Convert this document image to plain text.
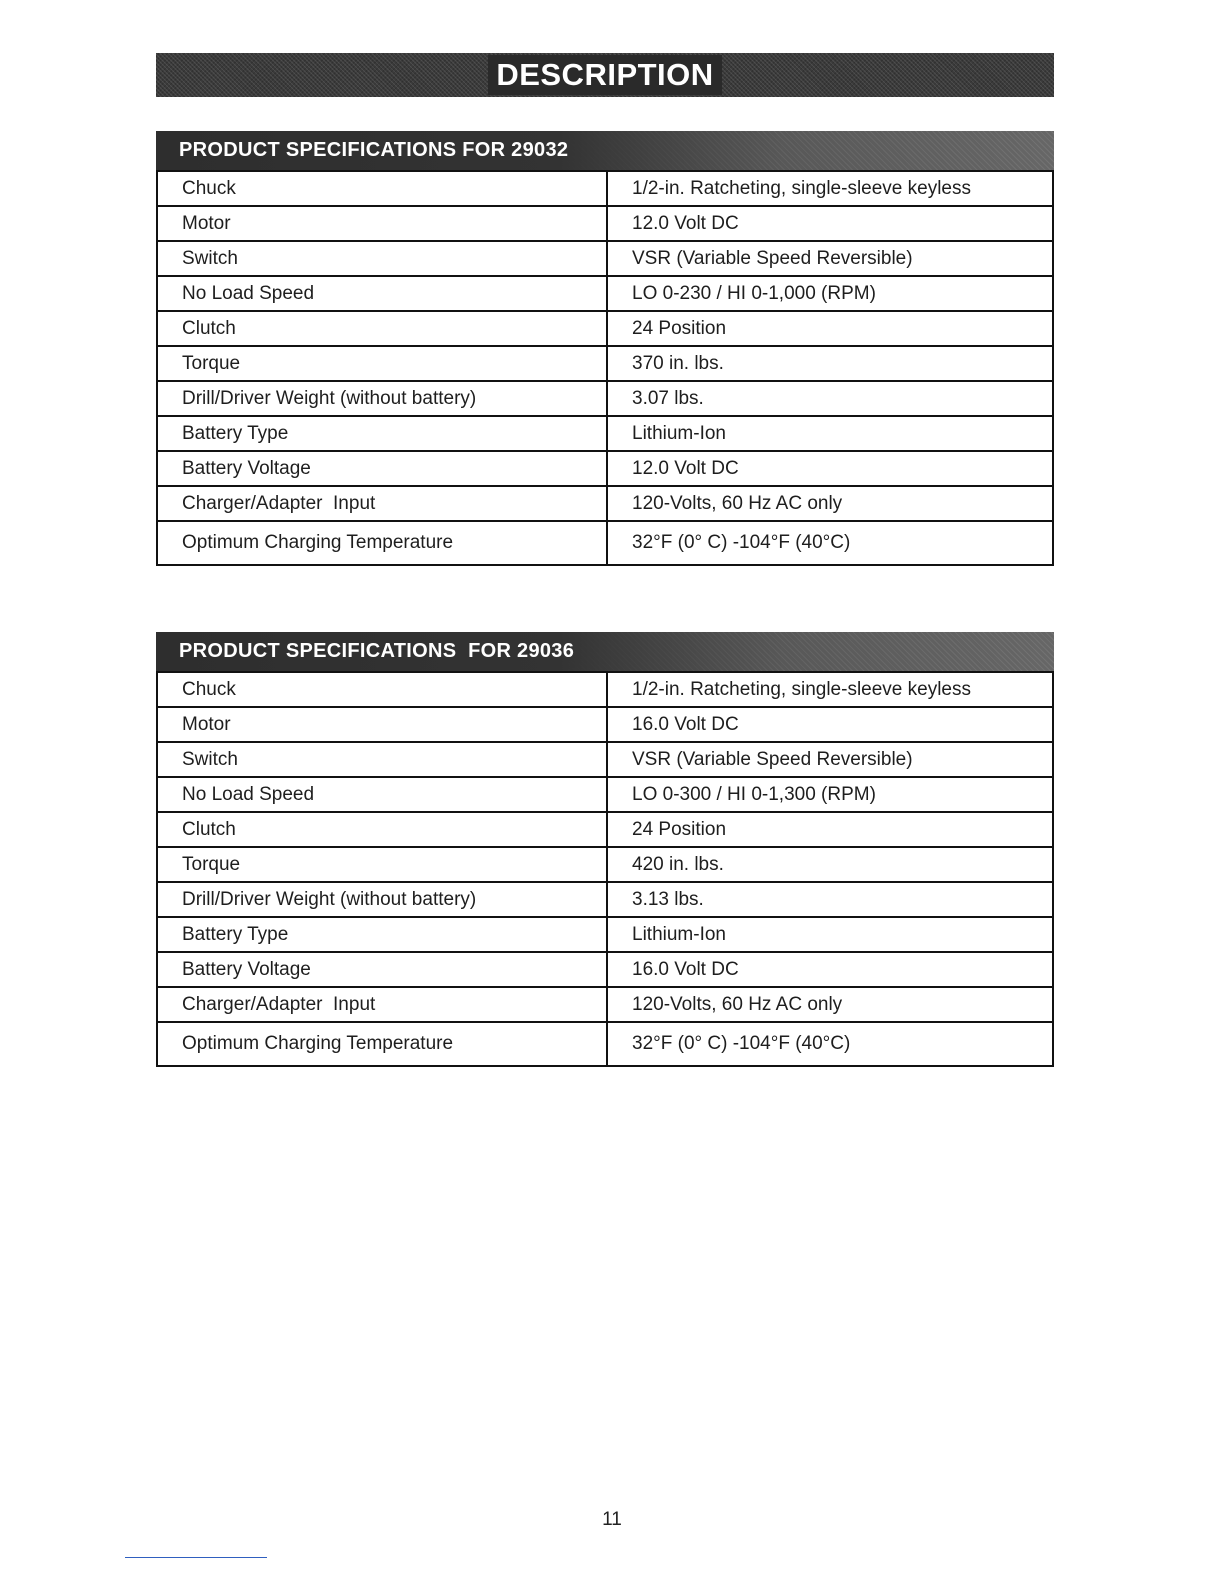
DESCRIPTION
PRODUCT SPECIFICATIONS FOR 29032
Chuck	1/2-in. Ratcheting, single-sleeve keyless
Motor	12.0 Volt DC
Switch	VSR (Variable Speed Reversible)
No Load Speed	LO 0-230 / HI 0-1,000 (RPM)
Clutch	24 Position
Torque	370 in. lbs.
Drill/Driver Weight (without battery)	3.07 lbs.
Battery Type	Lithium-Ion
Battery Voltage	12.0 Volt DC
Charger/Adapter  Input	120-Volts, 60 Hz AC only
Optimum Charging Temperature	32°F (0° C) -104°F (40°C)
PRODUCT SPECIFICATIONS  FOR 29036
Chuck	1/2-in. Ratcheting, single-sleeve keyless
Motor	16.0 Volt DC
Switch	VSR (Variable Speed Reversible)
No Load Speed	LO 0-300 / HI 0-1,300 (RPM)
Clutch	24 Position
Torque	420 in. lbs.
Drill/Driver Weight (without battery)	3.13 lbs.
Battery Type	Lithium-Ion
Battery Voltage	16.0 Volt DC
Charger/Adapter  Input	120-Volts, 60 Hz AC only
Optimum Charging Temperature	32°F (0° C) -104°F (40°C)
11
